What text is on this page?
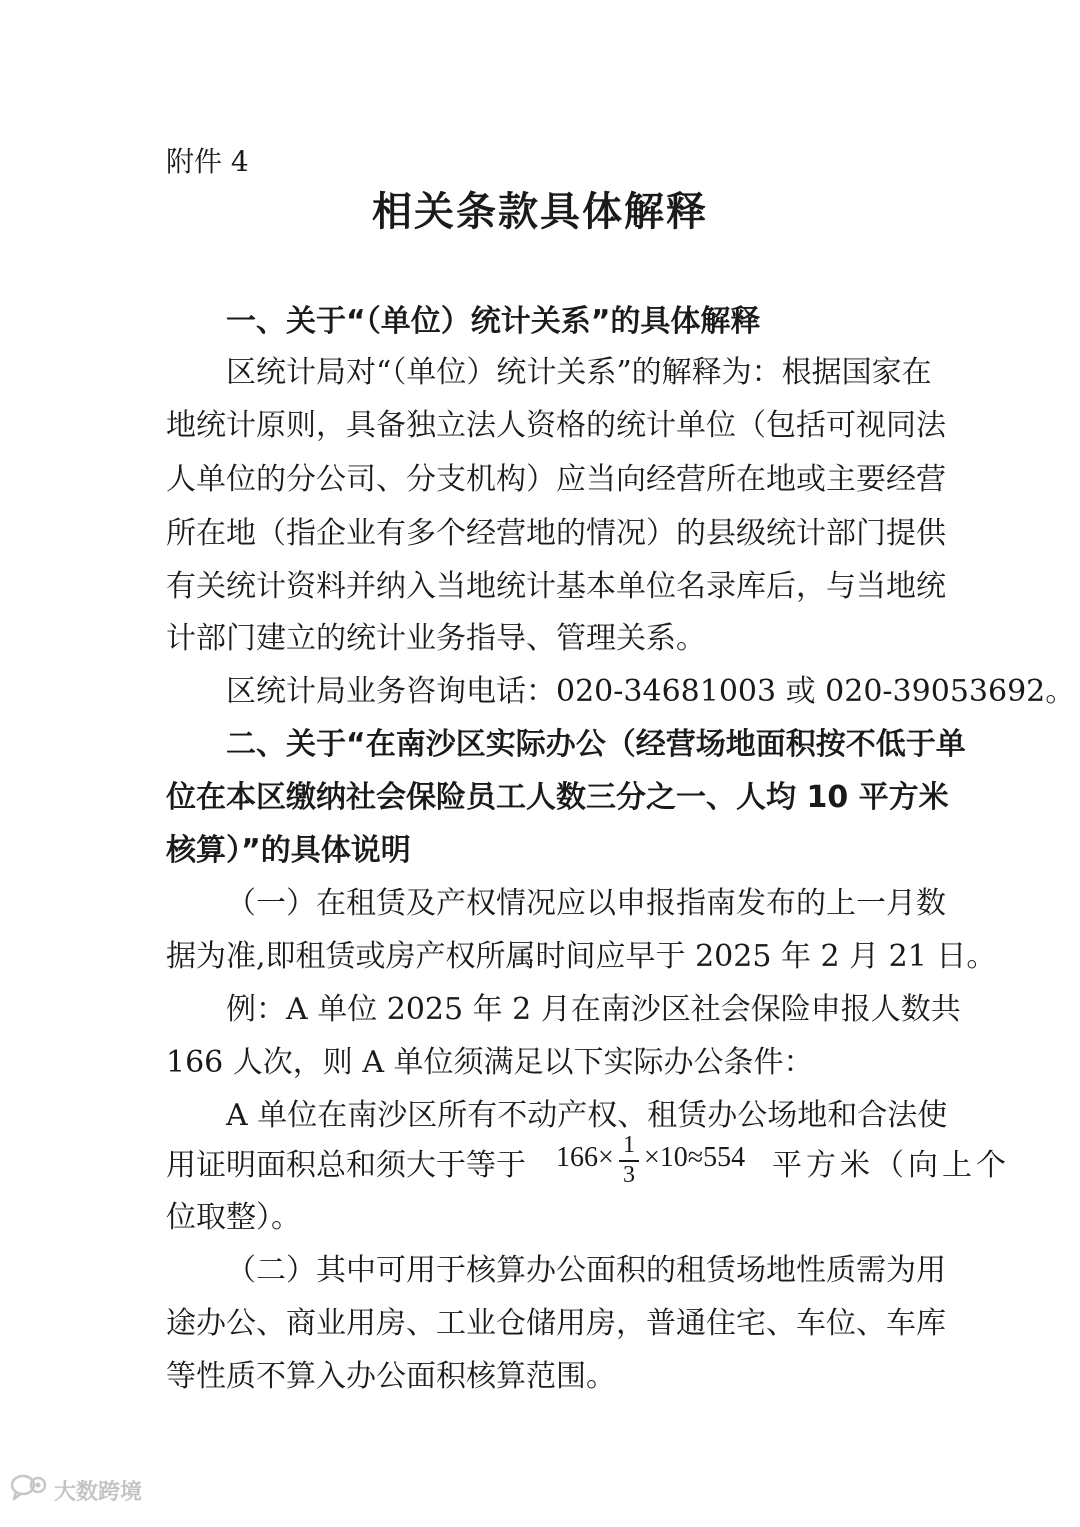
附件 4
相关条款具体解释
一、关于“（单位）统计关系”的具体解释
区统计局对“（单位）统计关系”的解释为：根据国家在
地统计原则，具备独立法人资格的统计单位（包括可视同法
人单位的分公司、分支机构）应当向经营所在地或主要经营
所在地（指企业有多个经营地的情况）的县级统计部门提供
有关统计资料并纳入当地统计基本单位名录库后，与当地统
计部门建立的统计业务指导、管理关系。
区统计局业务咨询电话：020-34681003 或 020-39053692。
二、关于“在南沙区实际办公（经营场地面积按不低于单
位在本区缴纳社会保险员工人数三分之一、人均 10 平方米
核算）”的具体说明
（一）在租赁及产权情况应以申报指南发布的上一月数
据为准,即租赁或房产权所属时间应早于 2025 年 2 月 21 日。
例：A 单位 2025 年 2 月在南沙区社会保险申报人数共
166 人次，则 A 单位须满足以下实际办公条件：
A 单位在南沙区所有不动产权、租赁办公场地和合法使
用证明面积总和须大于等于 166× 1
3
×10≈554 平方米（向上个
位取整）。
（二）其中可用于核算办公面积的租赁场地性质需为用
途办公、商业用房、工业仓储用房，普通住宅、车位、车库
等性质不算入办公面积核算范围。
大数跨境
